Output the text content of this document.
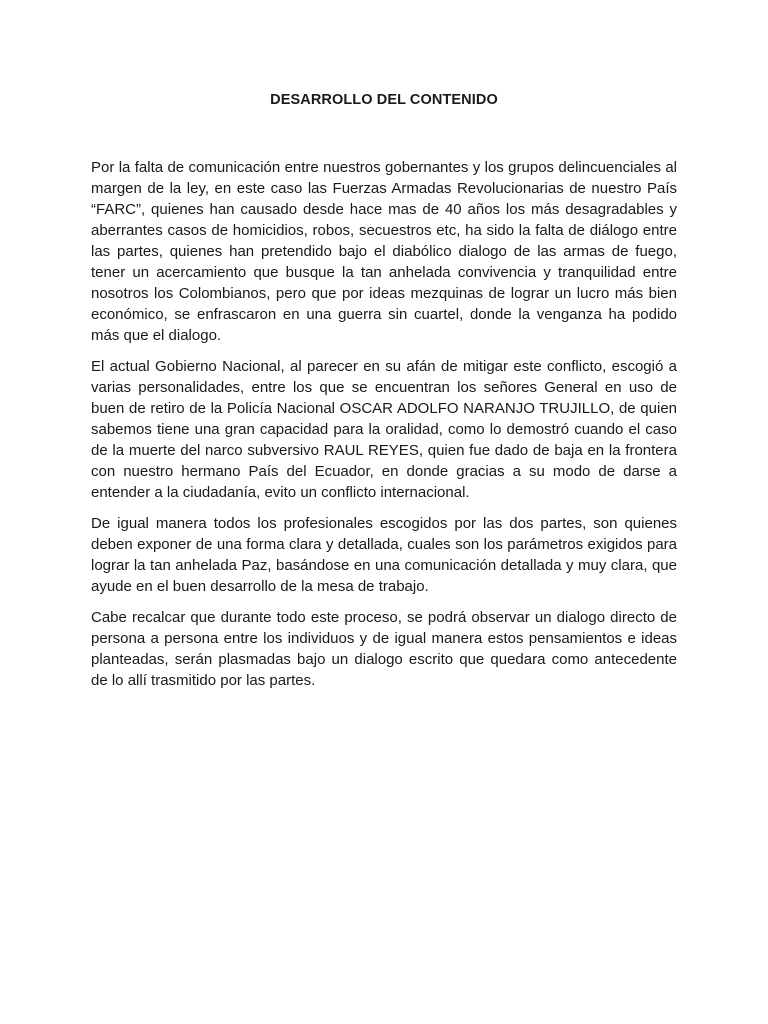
DESARROLLO DEL CONTENIDO

Por la falta de comunicación entre nuestros gobernantes y los grupos delincuenciales al margen de la ley, en este caso las Fuerzas Armadas Revolucionarias de nuestro País “FARC”, quienes han causado desde hace mas de 40 años los más desagradables y aberrantes casos de homicidios, robos, secuestros etc, ha sido la falta de diálogo entre las partes, quienes han pretendido bajo el diabólico dialogo de las armas de fuego, tener un acercamiento que busque la tan anhelada convivencia y tranquilidad entre nosotros los Colombianos, pero que por ideas mezquinas de lograr un lucro más bien económico, se enfrascaron en una guerra sin cuartel, donde la venganza ha podido más que el dialogo.

El actual Gobierno Nacional, al parecer en su afán de mitigar este conflicto, escogió a varias personalidades, entre los que se encuentran los señores General en uso de buen de retiro de la Policía Nacional OSCAR ADOLFO NARANJO TRUJILLO, de quien sabemos tiene una gran capacidad para la oralidad, como lo demostró cuando el caso de la muerte del narco subversivo RAUL REYES, quien fue dado de baja en la frontera con nuestro hermano País del Ecuador, en donde gracias a su modo de darse a entender a la ciudadanía, evito un conflicto internacional.

De igual manera todos los profesionales escogidos por las dos partes, son quienes deben exponer de una forma clara y detallada, cuales son los parámetros exigidos para lograr la tan anhelada Paz, basándose en una comunicación detallada y muy clara, que ayude en el buen desarrollo de la mesa de trabajo.

Cabe recalcar que durante todo este proceso, se podrá observar un dialogo directo de persona a persona entre los individuos y de igual manera estos pensamientos e ideas planteadas, serán plasmadas bajo un dialogo escrito que quedara como antecedente de lo allí trasmitido por las partes.
